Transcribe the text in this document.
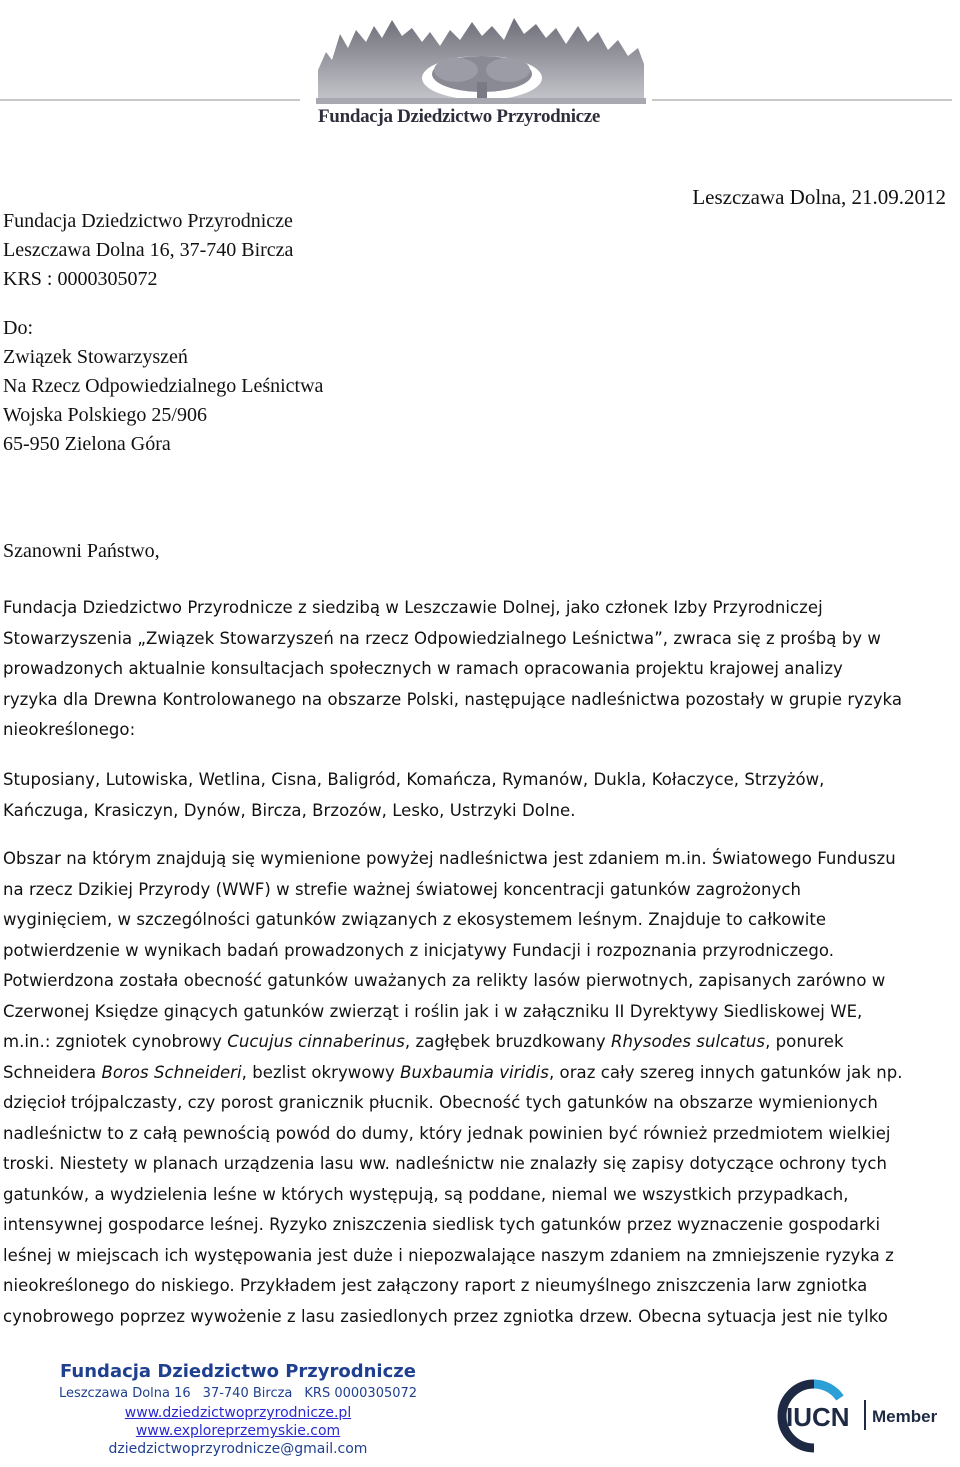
Fundacja Dziedzictwo Przyrodnicze
Leszczawa Dolna, 21.09.2012
Fundacja Dziedzictwo Przyrodnicze
Leszczawa Dolna 16, 37-740 Bircza
KRS : 0000305072
Do:
Związek Stowarzyszeń
Na Rzecz Odpowiedzialnego Leśnictwa
Wojska Polskiego 25/906
65-950 Zielona Góra
Szanowni Państwo,
Fundacja Dziedzictwo Przyrodnicze z siedzibą w Leszczawie Dolnej, jako członek Izby Przyrodniczej
Stowarzyszenia „Związek Stowarzyszeń na rzecz Odpowiedzialnego Leśnictwa”, zwraca się z prośbą by w
prowadzonych aktualnie konsultacjach społecznych w ramach opracowania projektu krajowej analizy
ryzyka dla Drewna Kontrolowanego na obszarze Polski, następujące nadleśnictwa pozostały w grupie ryzyka
nieokreślonego:
Stuposiany, Lutowiska, Wetlina, Cisna, Baligród, Komańcza, Rymanów, Dukla, Kołaczyce, Strzyżów,
Kańczuga, Krasiczyn, Dynów, Bircza, Brzozów, Lesko, Ustrzyki Dolne.
Obszar na którym znajdują się wymienione powyżej nadleśnictwa jest zdaniem m.in. Światowego Funduszu
na rzecz Dzikiej Przyrody (WWF) w strefie ważnej światowej koncentracji gatunków zagrożonych
wyginięciem, w szczególności gatunków związanych z ekosystemem leśnym. Znajduje to całkowite
potwierdzenie w wynikach badań prowadzonych z inicjatywy Fundacji i rozpoznania przyrodniczego.
Potwierdzona została obecność gatunków uważanych za relikty lasów pierwotnych, zapisanych zarówno w
Czerwonej Księdze ginących gatunków zwierząt i roślin jak i w załączniku II Dyrektywy Siedliskowej WE,
m.in.: zgniotek cynobrowy Cucujus cinnaberinus, zagłębek bruzdkowany Rhysodes sulcatus, ponurek
Schneidera Boros Schneideri, bezlist okrywowy Buxbaumia viridis, oraz cały szereg innych gatunków jak np.
dzięcioł trójpalczasty, czy porost granicznik płucnik. Obecność tych gatunków na obszarze wymienionych
nadleśnictw to z całą pewnością powód do dumy, który jednak powinien być również przedmiotem wielkiej
troski. Niestety w planach urządzenia lasu ww. nadleśnictw nie znalazły się zapisy dotyczące ochrony tych
gatunków, a wydzielenia leśne w których występują, są poddane, niemal we wszystkich przypadkach,
intensywnej gospodarce leśnej. Ryzyko zniszczenia siedlisk tych gatunków przez wyznaczenie gospodarki
leśnej w miejscach ich występowania jest duże i niepozwalające naszym zdaniem na zmniejszenie ryzyka z
nieokreślonego do niskiego. Przykładem jest załączony raport z nieumyślnego zniszczenia larw zgniotka
cynobrowego poprzez wywożenie z lasu zasiedlonych przez zgniotka drzew. Obecna sytuacja jest nie tylko
Fundacja Dziedzictwo Przyrodnicze
Leszczawa Dolna 16 37-740 Bircza KRS 0000305072
www.dziedzictwoprzyrodnicze.pl
www.exploreprzemyskie.com
dziedzictwoprzyrodnicze@gmail.com
IUCN Member
